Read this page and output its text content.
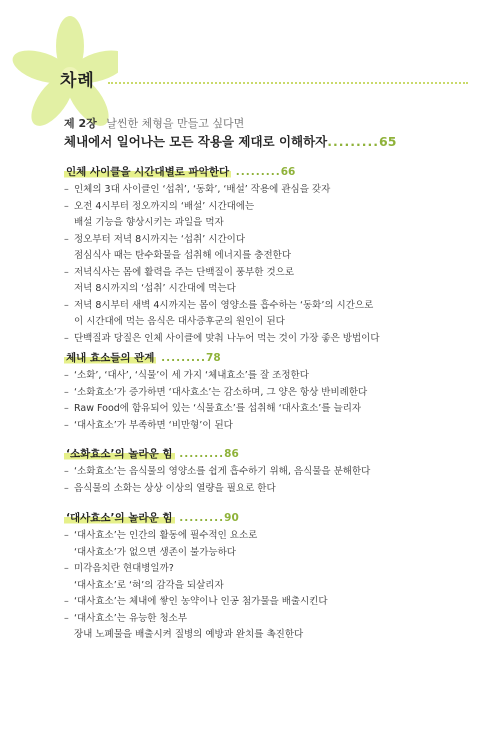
차례
제 2장 날씬한 체형을 만들고 싶다면
체내에서 일어나는 모든 작용을 제대로 이해하자.........65
인체 사이클을 시간대별로 파악한다 .........66
– 인체의 3대 사이클인 ‘섭취’, ‘동화’, ‘배설’ 작용에 관심을 갖자
– 오전 4시부터 정오까지의 ‘배설’ 시간대에는
배설 기능을 향상시키는 과일을 먹자
– 정오부터 저녁 8시까지는 ‘섭취’ 시간이다
점심식사 때는 탄수화물을 섭취해 에너지를 충전한다
– 저녁식사는 몸에 활력을 주는 단백질이 풍부한 것으로
저녁 8시까지의 ‘섭취’ 시간대에 먹는다
– 저녁 8시부터 새벽 4시까지는 몸이 영양소를 흡수하는 ‘동화’의 시간으로
이 시간대에 먹는 음식은 대사증후군의 원인이 된다
– 단백질과 당질은 인체 사이클에 맞춰 나누어 먹는 것이 가장 좋은 방법이다
체내 효소들의 관계 .........78
– ‘소화’, ‘대사’, ‘식물’이 세 가지 ‘체내효소’를 잘 조정한다
– ‘소화효소’가 증가하면 ‘대사효소’는 감소하며, 그 양은 항상 반비례한다
– Raw Food에 함유되어 있는 ‘식물효소’를 섭취해 ‘대사효소’를 늘리자
– ‘대사효소’가 부족하면 ‘비만형’이 된다
‘소화효소’의 놀라운 힘 .........86
– ‘소화효소’는 음식물의 영양소를 쉽게 흡수하기 위해, 음식물을 분해한다
– 음식물의 소화는 상상 이상의 열량을 필요로 한다
‘대사효소’의 놀라운 힘 .........90
– ‘대사효소’는 인간의 활동에 필수적인 요소로
‘대사효소’가 없으면 생존이 불가능하다
– 미각음치란 현대병일까?
‘대사효소’로 ‘혀’의 감각을 되살리자
– ‘대사효소’는 체내에 쌓인 농약이나 인공 첨가물을 배출시킨다
– ‘대사효소’는 유능한 청소부
장내 노폐물을 배출시켜 질병의 예방과 완치를 촉진한다
